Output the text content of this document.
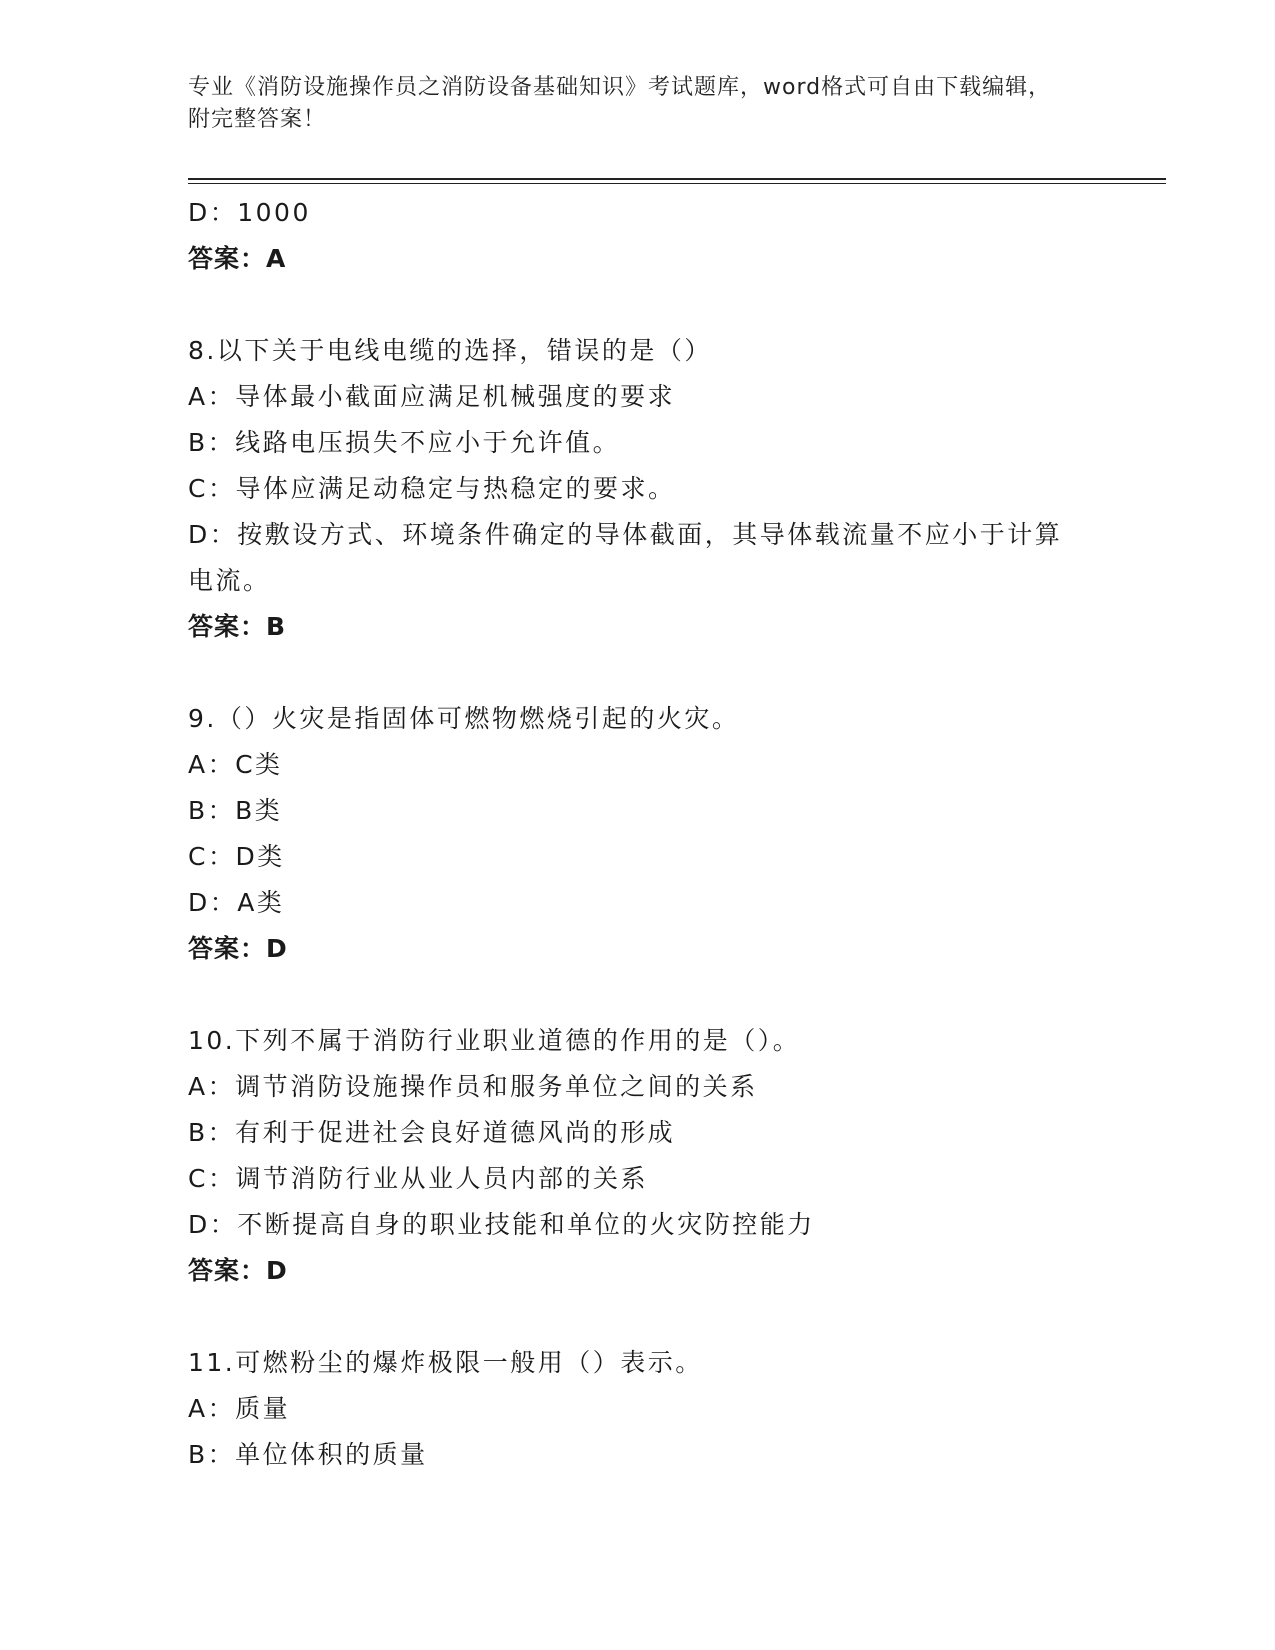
专业《消防设施操作员之消防设备基础知识》考试题库，word格式可自由下载编辑，附完整答案！
D：1000
答案：A
8.以下关于电线电缆的选择，错误的是（）
A：导体最小截面应满足机械强度的要求
B：线路电压损失不应小于允许值。
C：导体应满足动稳定与热稳定的要求。
D：按敷设方式、环境条件确定的导体截面，其导体载流量不应小于计算电流。
答案：B
9.（）火灾是指固体可燃物燃烧引起的火灾。
A：C类
B：B类
C：D类
D：A类
答案：D
10.下列不属于消防行业职业道德的作用的是（）。
A：调节消防设施操作员和服务单位之间的关系
B：有利于促进社会良好道德风尚的形成
C：调节消防行业从业人员内部的关系
D：不断提高自身的职业技能和单位的火灾防控能力
答案：D
11.可燃粉尘的爆炸极限一般用（）表示。
A：质量
B：单位体积的质量
